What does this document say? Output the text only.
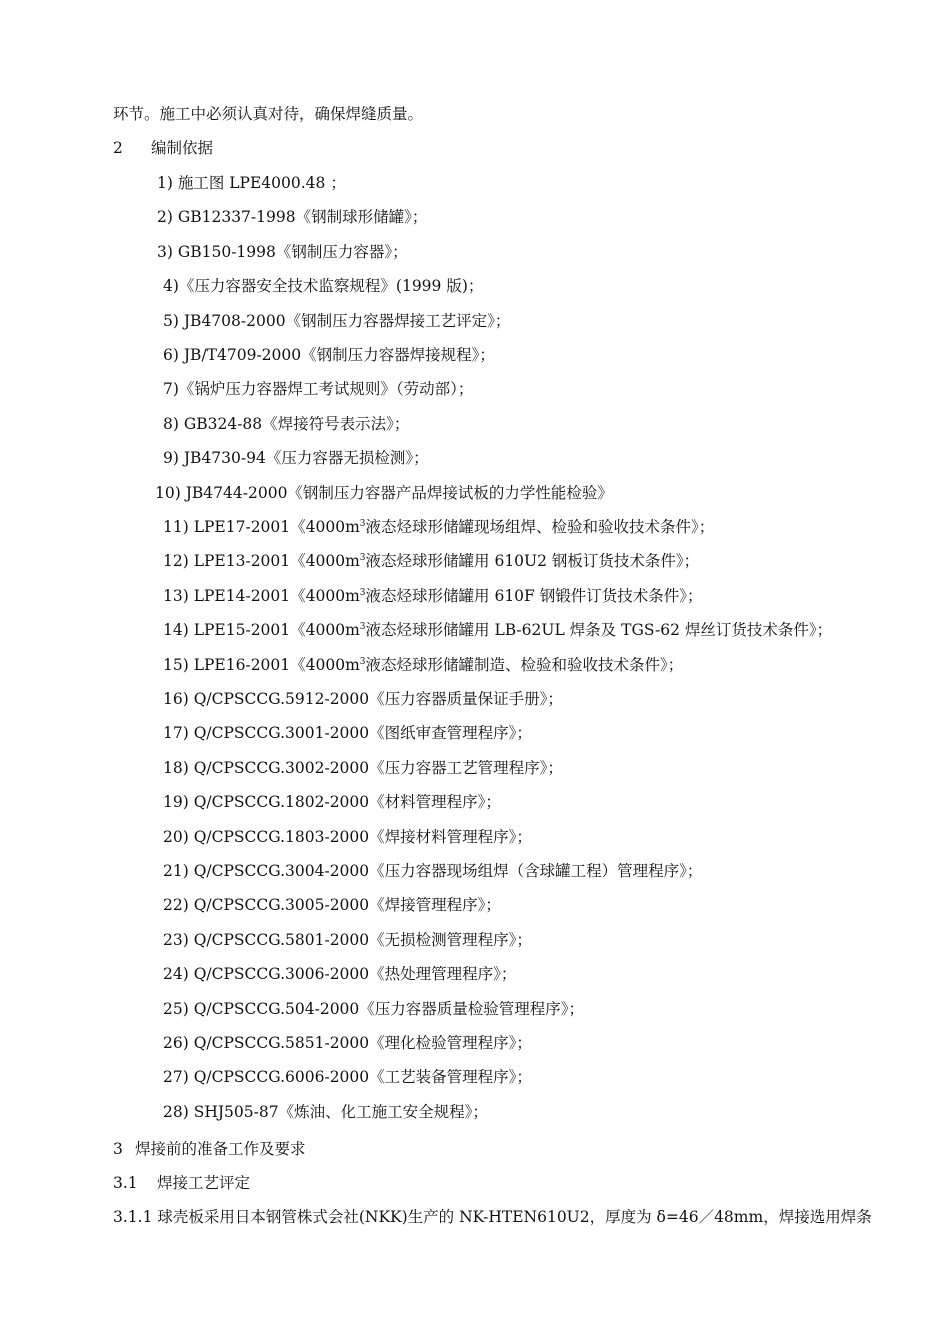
环节。施工中必须认真对待，确保焊缝质量。
2 编制依据
1) 施工图 LPE4000.48 ；
2) GB12337-1998《钢制球形储罐》；
3) GB150-1998《钢制压力容器》；
4)《压力容器安全技术监察规程》(1999 版)；
5) JB4708-2000《钢制压力容器焊接工艺评定》；
6) JB/T4709-2000《钢制压力容器焊接规程》；
7)《锅炉压力容器焊工考试规则》（劳动部）；
8) GB324-88《焊接符号表示法》；
9) JB4730-94《压力容器无损检测》；
10) JB4744-2000《钢制压力容器产品焊接试板的力学性能检验》
11) LPE17-2001《$4000m^3$液态烃球形储罐现场组焊、检验和验收技术条件》；
12) LPE13-2001《$4000m^3$液态烃球形储罐用 610U2 钢板订货技术条件》；
13) LPE14-2001《$4000m^3$液态烃球形储罐用 610F 钢锻件订货技术条件》；
14) LPE15-2001《$4000m^3$液态烃球形储罐用 LB-62UL 焊条及 TGS-62 焊丝订货技术条件》；
15) LPE16-2001《$4000m^3$液态烃球形储罐制造、检验和验收技术条件》；
16) Q/CPSCCG.5912-2000《压力容器质量保证手册》；
17) Q/CPSCCG.3001-2000《图纸审查管理程序》；
18) Q/CPSCCG.3002-2000《压力容器工艺管理程序》；
19) Q/CPSCCG.1802-2000《材料管理程序》；
20) Q/CPSCCG.1803-2000《焊接材料管理程序》；
21) Q/CPSCCG.3004-2000《压力容器现场组焊（含球罐工程）管理程序》；
22) Q/CPSCCG.3005-2000《焊接管理程序》；
23) Q/CPSCCG.5801-2000《无损检测管理程序》；
24) Q/CPSCCG.3006-2000《热处理管理程序》；
25) Q/CPSCCG.504-2000《压力容器质量检验管理程序》；
26) Q/CPSCCG.5851-2000《理化检验管理程序》；
27) Q/CPSCCG.6006-2000《工艺装备管理程序》；
28) SHJ505-87《炼油、化工施工安全规程》；
3 焊接前的准备工作及要求
3.1 焊接工艺评定
3.1.1 球壳板采用日本钢管株式会社(NKK)生产的 NK-HTEN610U2，厚度为 δ=46／48mm，焊接选用焊条
